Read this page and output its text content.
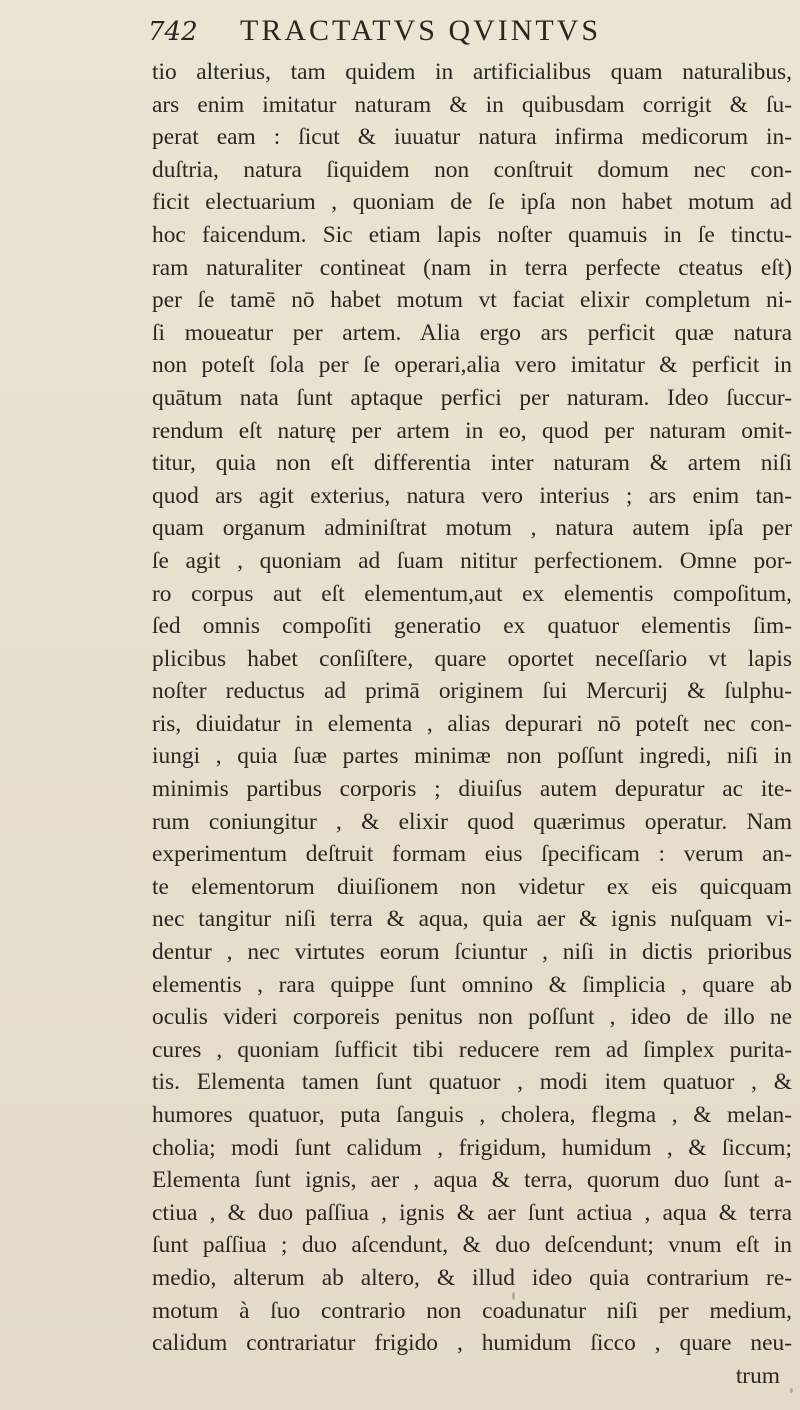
742	TRACTATVS QVINTVS
tio alterius, tam quidem in artificialibus quam naturalibus,
ars enim imitatur naturam & in quibusdam corrigit & ſu-
perat eam : ſicut & iuuatur natura infirma medicorum in-
duſtria, natura ſiquidem non conſtruit domum nec con-
ficit electuarium , quoniam de ſe ipſa non habet motum ad
hoc faicendum. Sic etiam lapis noſter quamuis in ſe tinctu-
ram naturaliter contineat (nam in terra perfecte cteatus eſt)
per ſe tamē nō habet motum vt faciat elixir completum ni-
ſi moueatur per artem. Alia ergo ars perficit quæ natura
non poteſt ſola per ſe operari,alia vero imitatur & perficit in
quātum nata ſunt aptaque perfici per naturam. Ideo ſuccur-
rendum eſt naturę per artem in eo, quod per naturam omit-
titur, quia non eſt differentia inter naturam & artem niſi
quod ars agit exterius, natura vero interius ; ars enim tan-
quam organum adminiſtrat motum , natura autem ipſa per
ſe agit , quoniam ad ſuam nititur perfectionem. Omne por-
ro corpus aut eſt elementum,aut ex elementis compoſitum,
ſed omnis compoſiti generatio ex quatuor elementis ſim-
plicibus habet conſiſtere, quare oportet neceſſario vt lapis
noſter reductus ad primā originem ſui Mercurij & ſulphu-
ris, diuidatur in elementa , alias depurari nō poteſt nec con-
iungi , quia ſuæ partes minimæ non poſſunt ingredi, niſi in
minimis partibus corporis ; diuiſus autem depuratur ac ite-
rum coniungitur , & elixir quod quærimus operatur. Nam
experimentum deſtruit formam eius ſpecificam : verum an-
te elementorum diuiſionem non videtur ex eis quicquam
nec tangitur niſi terra & aqua, quia aer & ignis nuſquam vi-
dentur , nec virtutes eorum ſciuntur , niſi in dictis prioribus
elementis , rara quippe ſunt omnino & ſimplicia , quare ab
oculis videri corporeis penitus non poſſunt , ideo de illo ne
cures , quoniam ſufficit tibi reducere rem ad ſimplex purita-
tis. Elementa tamen ſunt quatuor , modi item quatuor , &
humores quatuor, puta ſanguis , cholera, flegma , & melan-
cholia; modi ſunt calidum , frigidum, humidum , & ſiccum;
Elementa ſunt ignis, aer , aqua & terra, quorum duo ſunt a-
ctiua , & duo paſſiua , ignis & aer ſunt actiua , aqua & terra
ſunt paſſiua ; duo aſcendunt, & duo deſcendunt; vnum eſt in
medio, alterum ab altero, & illud ideo quia contrarium re-
motum à ſuo contrario non coadunatur niſi per medium,
calidum contrariatur frigido , humidum ſicco , quare neu-
trum
